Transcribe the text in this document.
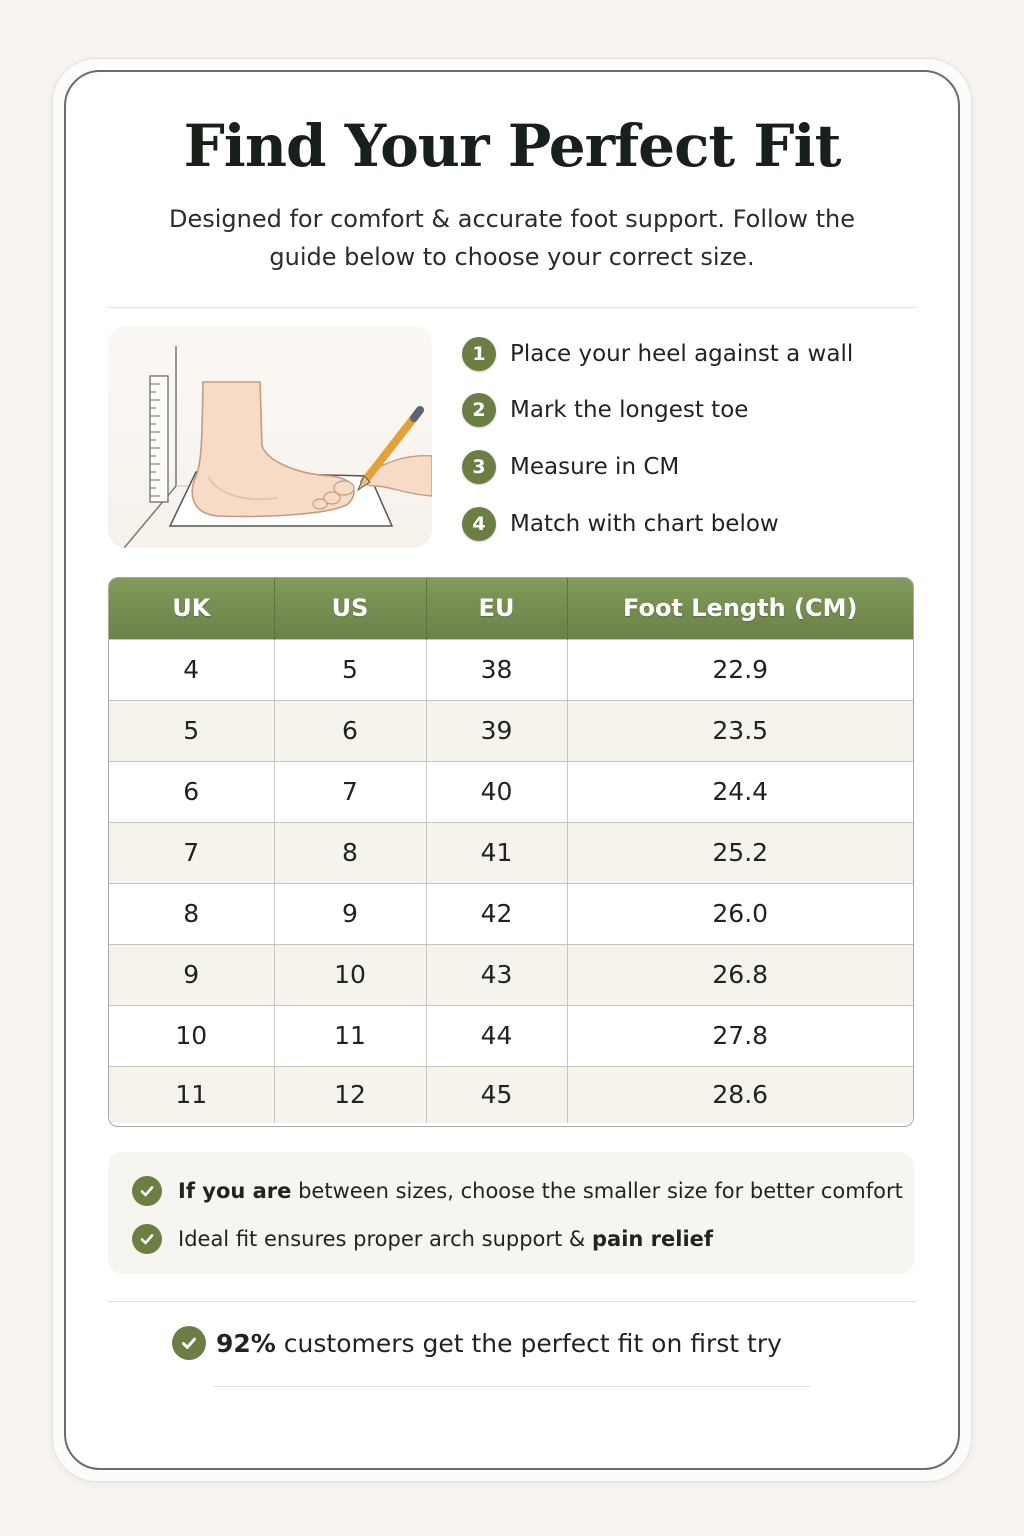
Find Your Perfect Fit

Designed for comfort & accurate foot support. Follow the guide below to choose your correct size.

1	Place your heel against a wall
2	Mark the longest toe
3	Measure in CM
4	Match with chart below
UK	US	EU	Foot Length (CM)
4	5	38	22.9
5	6	39	23.5
6	7	40	24.4
7	8	41	25.2
8	9	42	26.0
9	10	43	26.8
10	11	44	27.8
11	12	45	28.6
If you are between sizes, choose the smaller size for better comfort
Ideal fit ensures proper arch support & pain relief
92% customers get the perfect fit on first try
